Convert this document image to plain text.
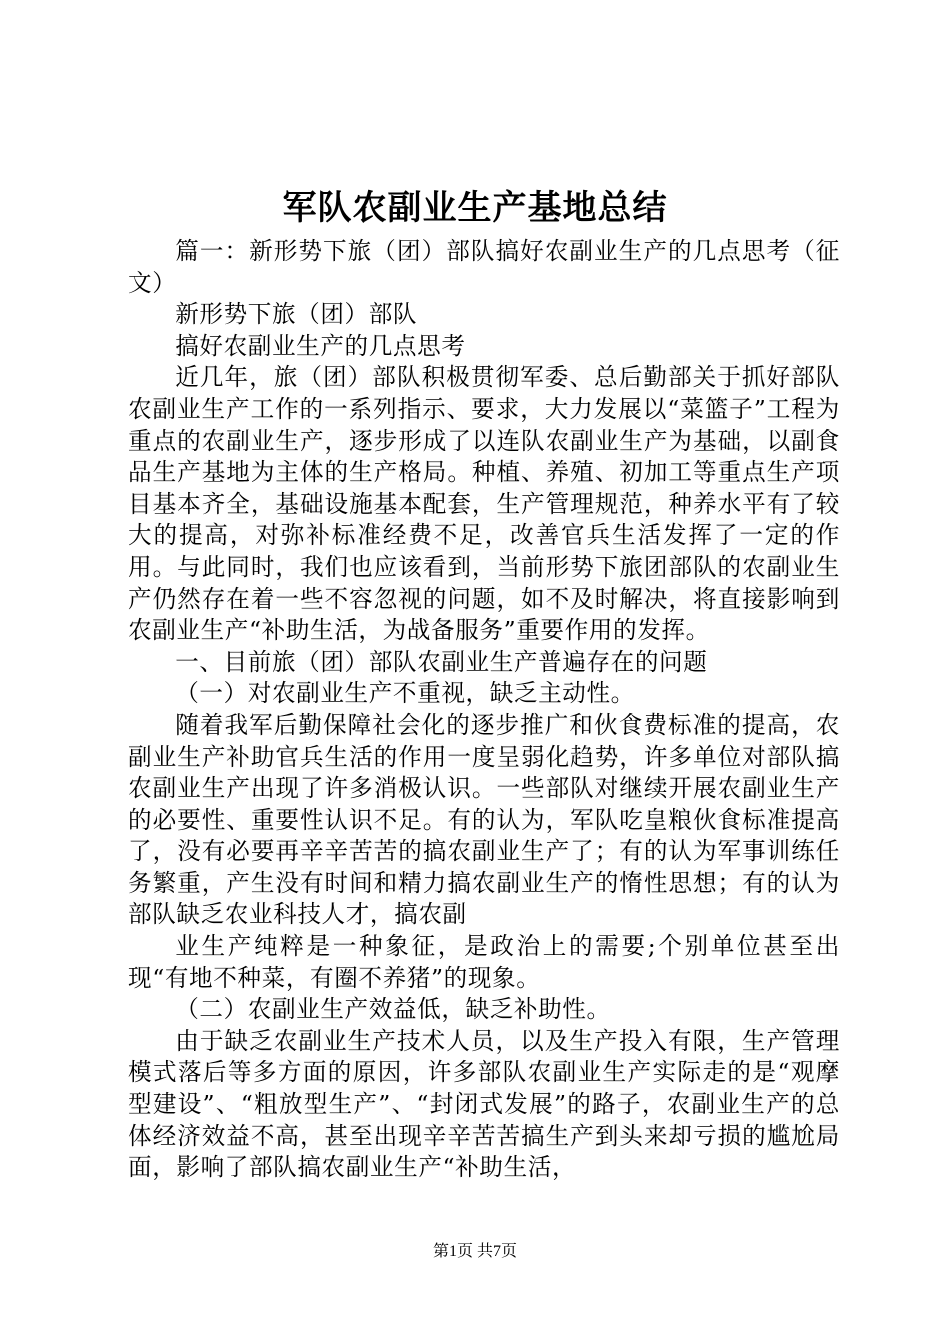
军队农副业生产基地总结

篇一：新形势下旅（团）部队搞好农副业生产的几点思考（征文）

新形势下旅（团）部队

搞好农副业生产的几点思考

近几年，旅（团）部队积极贯彻军委、总后勤部关于抓好部队农副业生产工作的一系列指示、要求，大力发展以“菜篮子”工程为重点的农副业生产，逐步形成了以连队农副业生产为基础，以副食品生产基地为主体的生产格局。种植、养殖、初加工等重点生产项目基本齐全，基础设施基本配套，生产管理规范，种养水平有了较大的提高，对弥补标准经费不足，改善官兵生活发挥了一定的作用。与此同时，我们也应该看到，当前形势下旅团部队的农副业生产仍然存在着一些不容忽视的问题，如不及时解决，将直接影响到农副业生产“补助生活，为战备服务”重要作用的发挥。

一、目前旅（团）部队农副业生产普遍存在的问题

（一）对农副业生产不重视，缺乏主动性。

随着我军后勤保障社会化的逐步推广和伙食费标准的提高，农副业生产补助官兵生活的作用一度呈弱化趋势，许多单位对部队搞农副业生产出现了许多消极认识。一些部队对继续开展农副业生产的必要性、重要性认识不足。有的认为，军队吃皇粮伙食标准提高了，没有必要再辛辛苦苦的搞农副业生产了；有的认为军事训练任务繁重，产生没有时间和精力搞农副业生产的惰性思想；有的认为部队缺乏农业科技人才，搞农副

业生产纯粹是一种象征，是政治上的需要;个别单位甚至出现“有地不种菜，有圈不养猪”的现象。

（二）农副业生产效益低，缺乏补助性。

由于缺乏农副业生产技术人员，以及生产投入有限，生产管理模式落后等多方面的原因，许多部队农副业生产实际走的是“观摩型建设”、“粗放型生产”、“封闭式发展”的路子，农副业生产的总体经济效益不高，甚至出现辛辛苦苦搞生产到头来却亏损的尴尬局面，影响了部队搞农副业生产“补助生活，

第1页 共7页
